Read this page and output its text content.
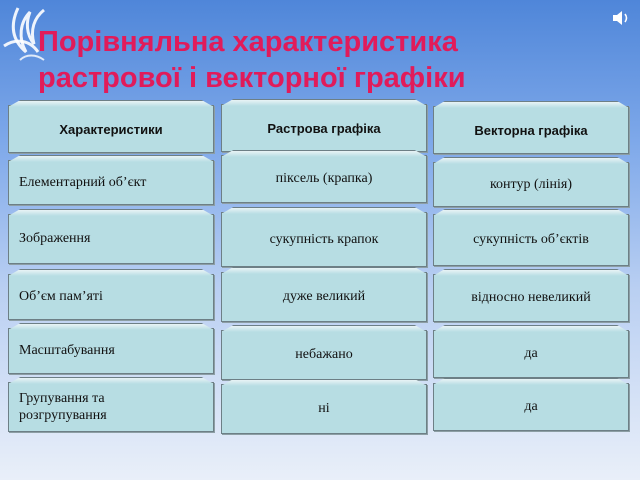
Порівняльна характеристика
растрової і векторної графіки
Характеристики	Растрова графіка	Векторна графіка
Елементарний об’єкт	піксель (крапка)	контур (лінія)
Зображення	сукупність крапок	сукупність об’єктів
Об’єм пам’яті	дуже великий	відносно невеликий
Масштабування	небажано	да
Групування та розгрупування	ні	да
